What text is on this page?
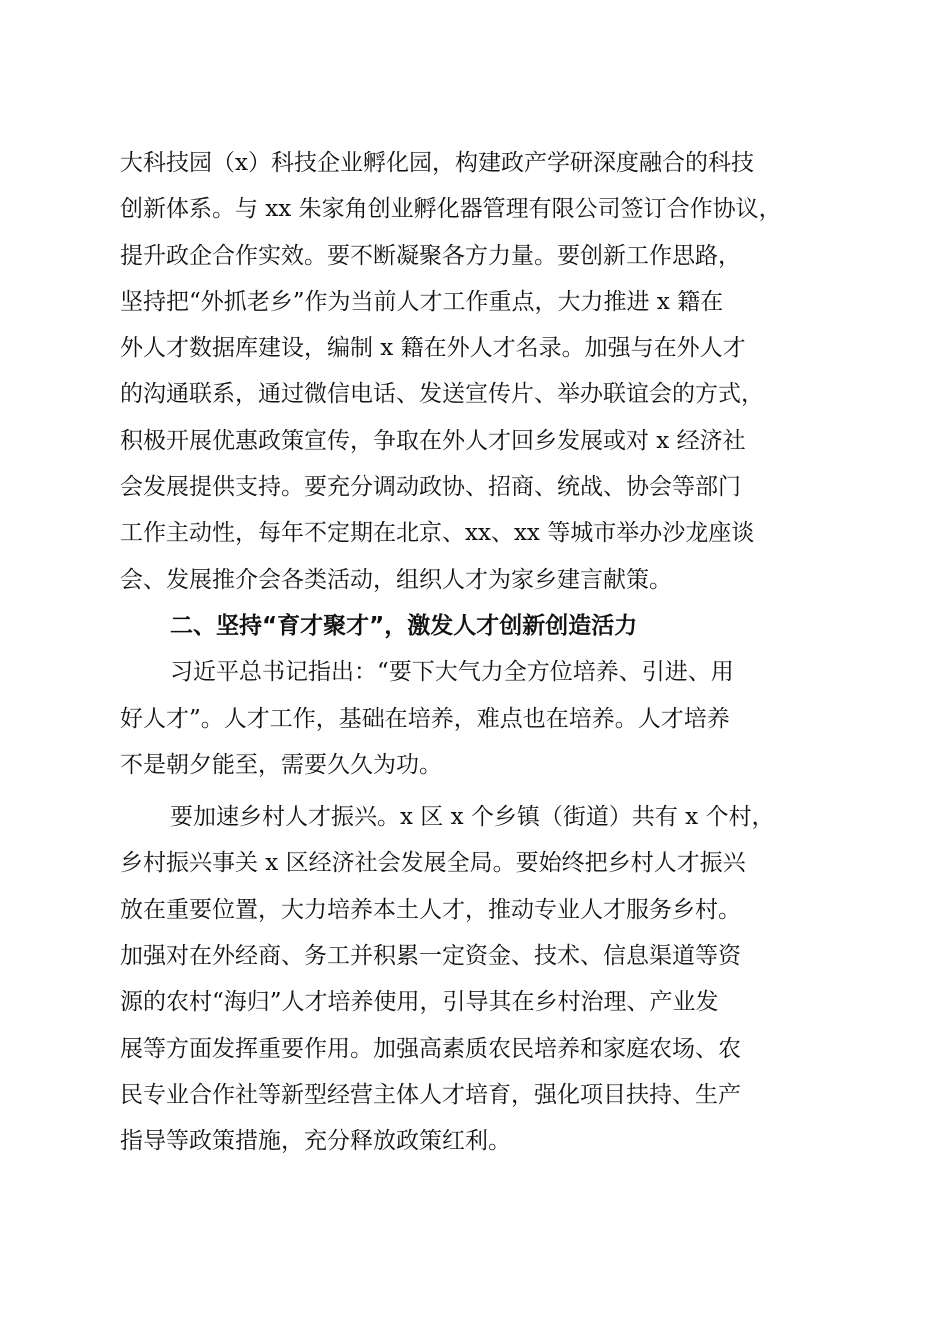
大科技园（x）科技企业孵化园，构建政产学研深度融合的科技
创新体系。与 xx 朱家角创业孵化器管理有限公司签订合作协议，
提升政企合作实效。要不断凝聚各方力量。要创新工作思路，
坚持把“外抓老乡”作为当前人才工作重点，大力推进 x 籍在
外人才数据库建设，编制 x 籍在外人才名录。加强与在外人才
的沟通联系，通过微信电话、发送宣传片、举办联谊会的方式，
积极开展优惠政策宣传，争取在外人才回乡发展或对 x 经济社
会发展提供支持。要充分调动政协、招商、统战、协会等部门
工作主动性，每年不定期在北京、xx、xx 等城市举办沙龙座谈
会、发展推介会各类活动，组织人才为家乡建言献策。
二、坚持“育才聚才”，激发人才创新创造活力
习近平总书记指出：“要下大气力全方位培养、引进、用
好人才”。人才工作，基础在培养，难点也在培养。人才培养
不是朝夕能至，需要久久为功。
要加速乡村人才振兴。x 区 x 个乡镇（街道）共有 x 个村，
乡村振兴事关 x 区经济社会发展全局。要始终把乡村人才振兴
放在重要位置，大力培养本土人才，推动专业人才服务乡村。
加强对在外经商、务工并积累一定资金、技术、信息渠道等资
源的农村“海归”人才培养使用，引导其在乡村治理、产业发
展等方面发挥重要作用。加强高素质农民培养和家庭农场、农
民专业合作社等新型经营主体人才培育，强化项目扶持、生产
指导等政策措施，充分释放政策红利。
